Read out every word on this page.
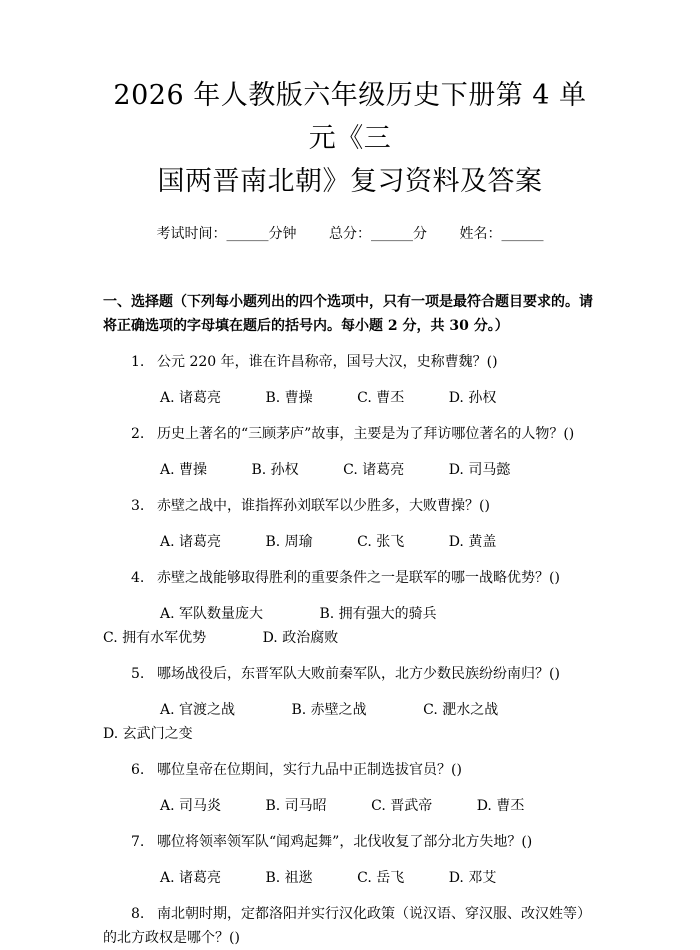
2026 年人教版六年级历史下册第 4 单元《三
国两晋南北朝》复习资料及答案
考试时间：______分钟 总分：______分 姓名：______
一、选择题（下列每小题列出的四个选项中，只有一项是最符合题目要求的。请将正确选项的字母填在题后的括号内。每小题 2 分，共 30 分。）
1. 公元 220 年，谁在许昌称帝，国号大汉，史称曹魏？()
A. 诸葛亮	B. 曹操	C. 曹丕	D. 孙权
2. 历史上著名的“三顾茅庐”故事，主要是为了拜访哪位著名的人物？()
A. 曹操	B. 孙权	C. 诸葛亮	D. 司马懿
3. 赤壁之战中，谁指挥孙刘联军以少胜多，大败曹操？()
A. 诸葛亮	B. 周瑜	C. 张飞	D. 黄盖
4. 赤壁之战能够取得胜利的重要条件之一是联军的哪一战略优势？()
A. 军队数量庞大	B. 拥有强大的骑兵 C. 拥有水军优势	D. 政治腐败
5. 哪场战役后，东晋军队大败前秦军队，北方少数民族纷纷南归？()
A. 官渡之战	B. 赤壁之战	C. 淝水之战 D. 玄武门之变
6. 哪位皇帝在位期间，实行九品中正制选拔官员？()
A. 司马炎	B. 司马昭	C. 晋武帝	D. 曹丕
7. 哪位将领率领军队“闻鸡起舞”，北伐收复了部分北方失地？()
A. 诸葛亮	B. 祖逖	C. 岳飞	D. 邓艾
8. 南北朝时期，定都洛阳并实行汉化政策（说汉语、穿汉服、改汉姓等）的北方政权是哪个？()
